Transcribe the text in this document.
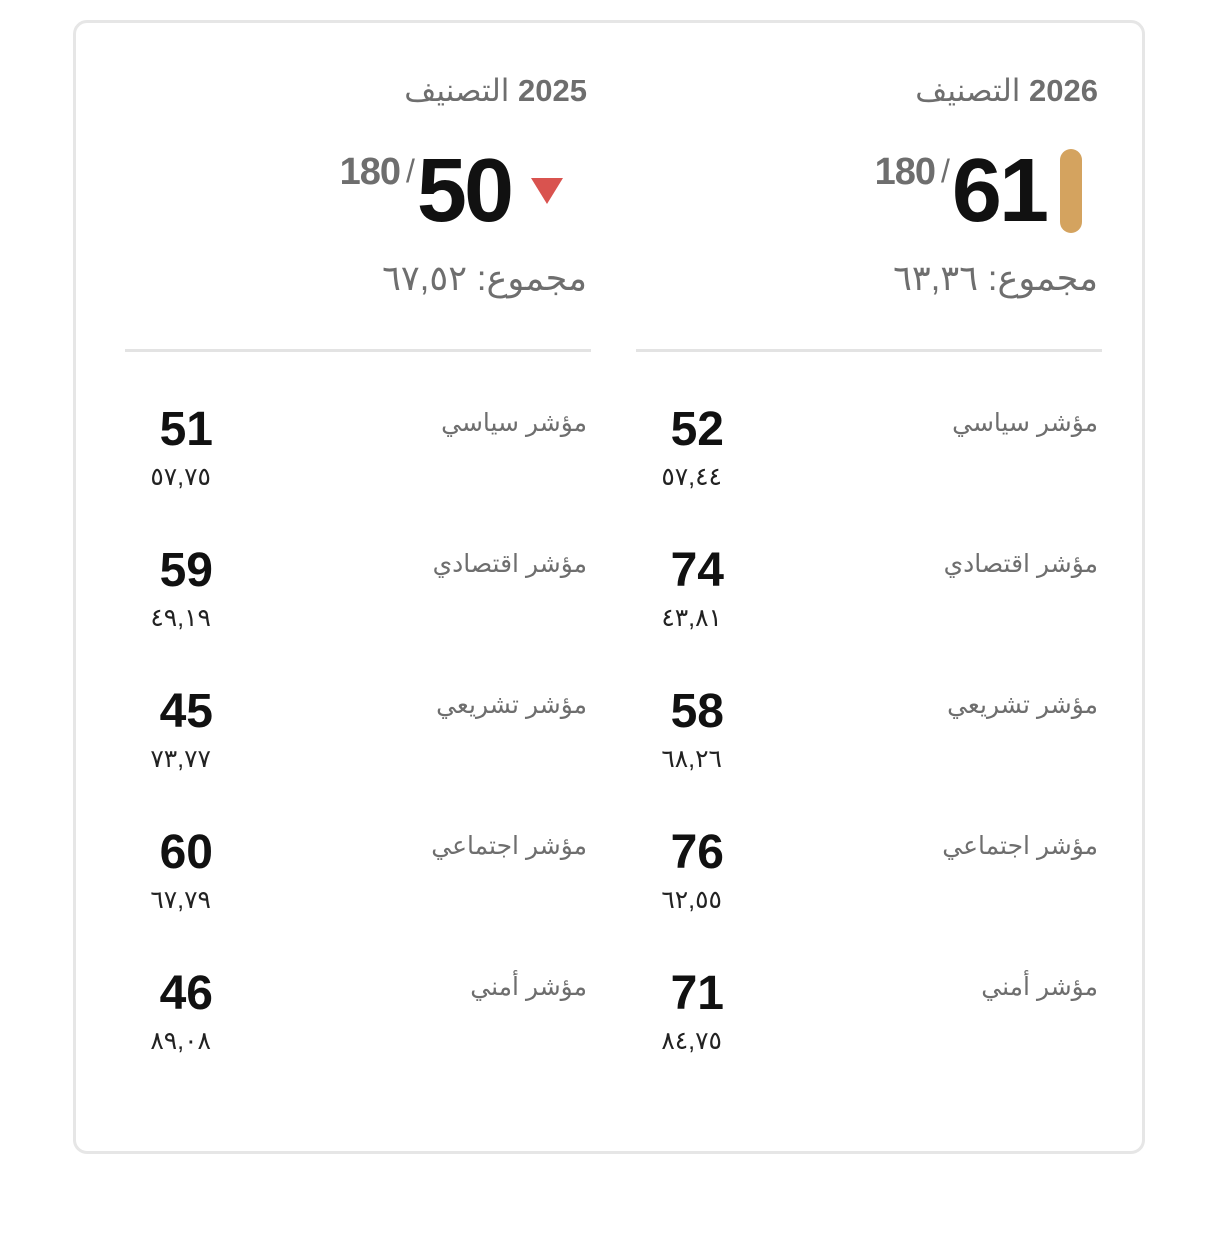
2026 التصنيف
180 / 61
مجموع: ٦٣,٣٦
مؤشر سياسي
52
٥٧,٤٤
مؤشر اقتصادي
74
٤٣,٨١
مؤشر تشريعي
58
٦٨,٢٦
مؤشر اجتماعي
76
٦٢,٥٥
مؤشر أمني
71
٨٤,٧٥
2025 التصنيف
180 / 50
مجموع: ٦٧,٥٢
مؤشر سياسي
51
٥٧,٧٥
مؤشر اقتصادي
59
٤٩,١٩
مؤشر تشريعي
45
٧٣,٧٧
مؤشر اجتماعي
60
٦٧,٧٩
مؤشر أمني
46
٨٩,٠٨
